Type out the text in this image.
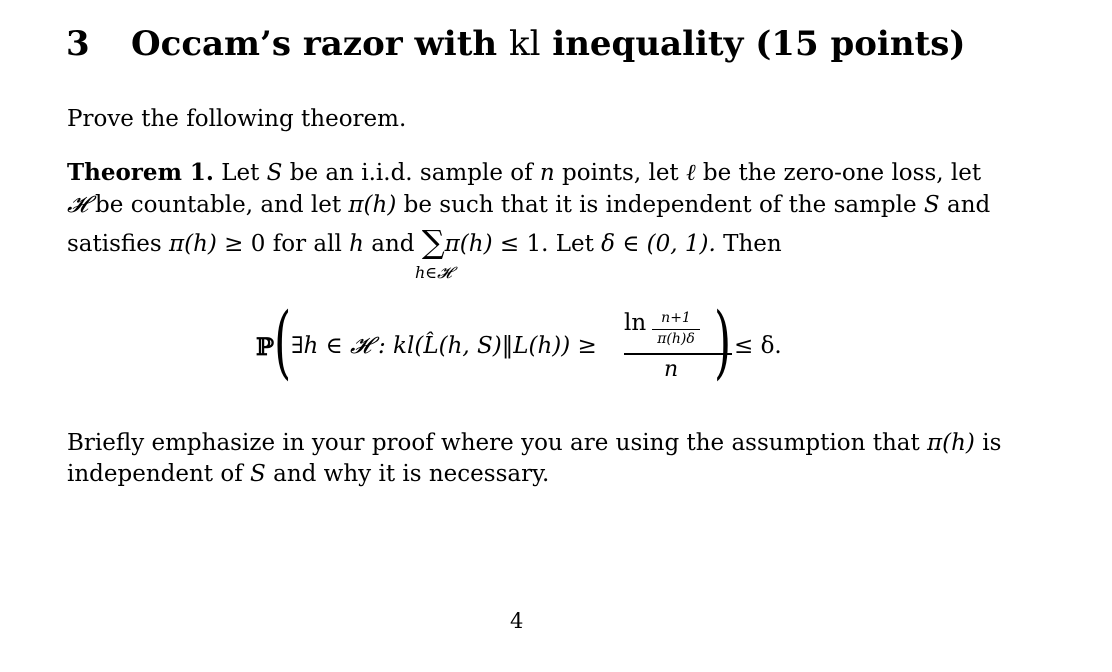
3 Occam’s razor with kl inequality (15 points)
Prove the following theorem.
Theorem 1. Let S be an i.i.d. sample of n points, let ℓ be the zero-one loss, let
𝓗 be countable, and let π(h) be such that it is independent of the sample S and
satisfies π(h) ≥ 0 for all h and ∑π(h) ≤ 1. Let δ ∈ (0, 1). Then
h∈𝓗
ℙ ( ∃h ∈ 𝓗 : kl(L̂(h, S)‖L(h)) ≥
ln	n+1
π(h)δ
n ) ≤ δ.
Briefly emphasize in your proof where you are using the assumption that π(h) is
independent of S and why it is necessary.
4
